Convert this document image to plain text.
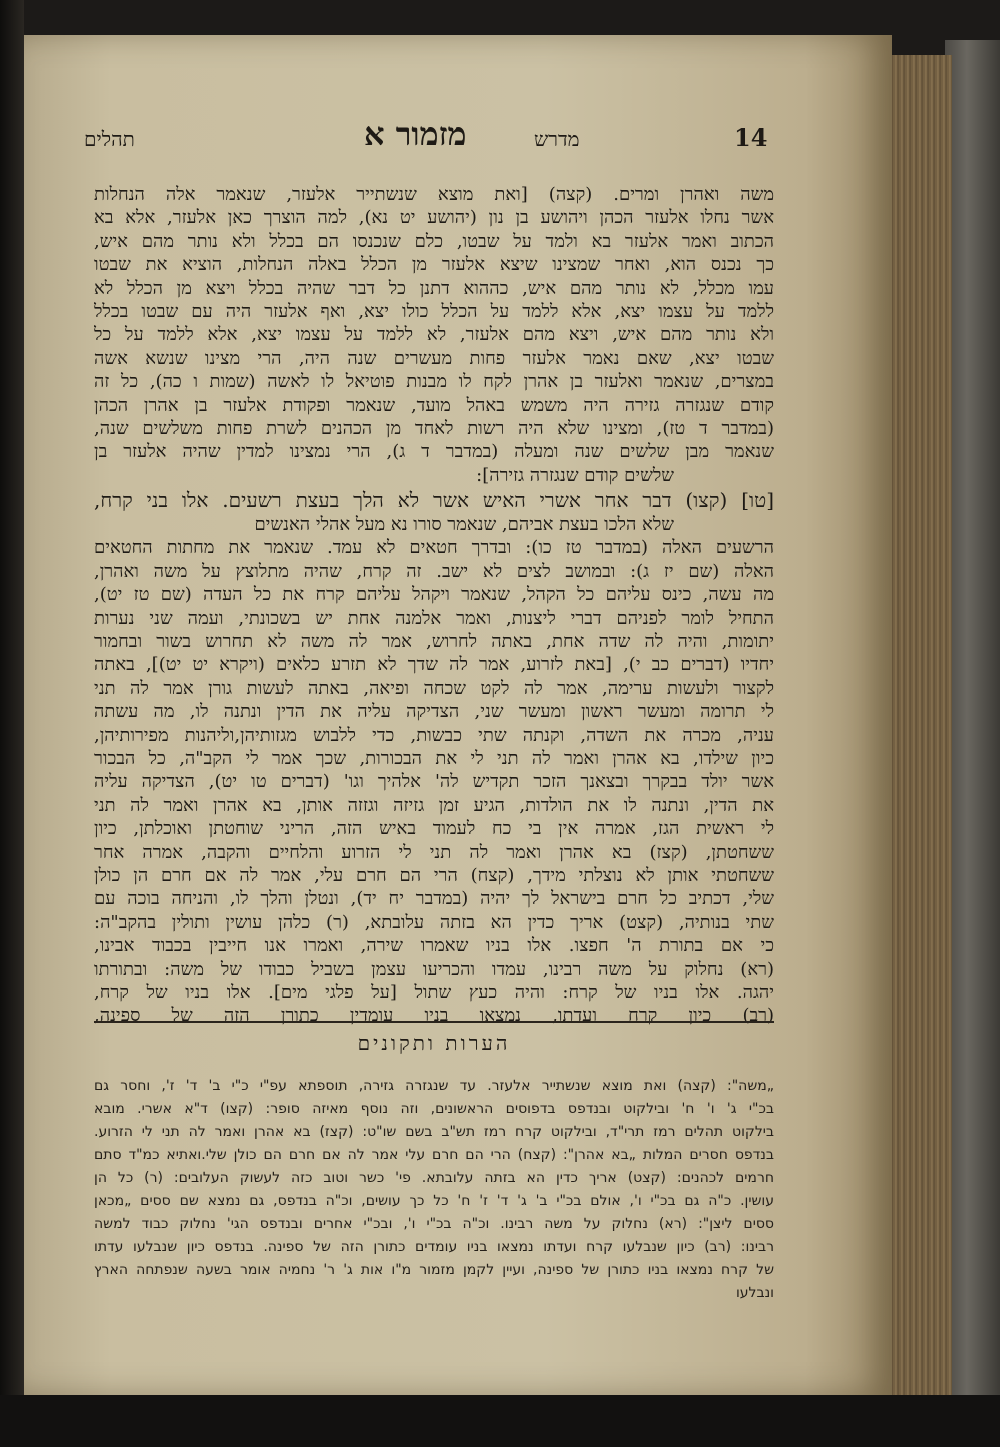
תהלים	מזמור א	מדרש	14
משה ואהרן ומרים. (קצה) [ואת מוצא שנשתייר אלעזר, שנאמר אלה הנחלות
אשר נחלו אלעזר הכהן ויהושע בן נון (יהושע יט נא), למה הוצרך כאן אלעזר, אלא בא
הכתוב ואמר אלעזר בא ולמד על שבטו, כלם שנכנסו הם בכלל ולא נותר מהם איש,
כך נכנס הוא, ואחר שמצינו שיצא אלעזר מן הכלל באלה הנחלות, הוציא את שבטו
עמו מכלל, לא נותר מהם איש, כההוא דתנן כל דבר שהיה בכלל ויצא מן הכלל לא
ללמד על עצמו יצא, אלא ללמד על הכלל כולו יצא, ואף אלעזר היה עם שבטו בכלל
ולא נותר מהם איש, ויצא מהם אלעזר, לא ללמד על עצמו יצא, אלא ללמד על כל
שבטו יצא, שאם נאמר אלעזר פחות מעשרים שנה היה, הרי מצינו שנשא אשה
במצרים, שנאמר ואלעזר בן אהרן לקח לו מבנות פוטיאל לו לאשה (שמות ו כה), כל זה
קודם שנגזרה גזירה היה משמש באהל מועד, שנאמר ופקודת אלעזר בן אהרן הכהן
(במדבר ד טז), ומצינו שלא היה רשות לאחד מן הכהנים לשרת פחות משלשים שנה,
שנאמר מבן שלשים שנה ומעלה (במדבר ד ג), הרי נמצינו למדין שהיה אלעזר בן
שלשים קודם שנגזרה גזירה]:
[טו] (קצו) דבר אחר אשרי האיש אשר לא הלך בעצת רשעים. אלו בני קרח,
שלא הלכו בעצת אביהם, שנאמר סורו נא מעל אהלי האנשים
הרשעים האלה (במדבר טז כו): ובדרך חטאים לא עמד. שנאמר את מחתות החטאים
האלה (שם יז ג): ובמושב לצים לא ישב. זה קרח, שהיה מתלוצץ על משה ואהרן,
מה עשה, כינס עליהם כל הקהל, שנאמר ויקהל עליהם קרח את כל העדה (שם טז יט),
התחיל לומר לפניהם דברי ליצנות, ואמר אלמנה אחת יש בשכונתי, ועמה שני נערות
יתומות, והיה לה שדה אחת, באתה לחרוש, אמר לה משה לא תחרוש בשור ובחמור
יחדיו (דברים כב י), [באת לזרוע, אמר לה שדך לא תזרע כלאים (ויקרא יט יט)], באתה
לקצור ולעשות ערימה, אמר לה לקט שכחה ופיאה, באתה לעשות גורן אמר לה תני
לי תרומה ומעשר ראשון ומעשר שני, הצדיקה עליה את הדין ונתנה לו, מה עשתה
עניה, מכרה את השדה, וקנתה שתי כבשות, כדי ללבוש מגזותיהן,וליהנות מפירותיהן,
כיון שילדו, בא אהרן ואמר לה תני לי את הבכורות, שכך אמר לי הקב"ה, כל הבכור
אשר יולד בבקרך ובצאנך הזכר תקדיש לה' אלהיך וגו' (דברים טו יט), הצדיקה עליה
את הדין, ונתנה לו את הולדות, הגיע זמן גזיזה וגזזה אותן, בא אהרן ואמר לה תני
לי ראשית הגז, אמרה אין בי כח לעמוד באיש הזה, הריני שוחטתן ואוכלתן, כיון
ששחטתן, (קצז) בא אהרן ואמר לה תני לי הזרוע והלחיים והקבה, אמרה אחר
ששחטתי אותן לא נוצלתי מידך, (קצח) הרי הם חרם עלי, אמר לה אם חרם הן כולן
שלי, דכתיב כל חרם בישראל לך יהיה (במדבר יח יד), ונטלן והלך לו, והניחה בוכה עם
שתי בנותיה, (קצט) אריך כדין הא בזתה עלובתא, (ר) כלהן עושין ותולין בהקב"ה:
כי אם בתורת ה' חפצו. אלו בניו שאמרו שירה, ואמרו אנו חייבין בכבוד אבינו,
(רא) נחלוק על משה רבינו, עמדו והכריעו עצמן בשביל כבודו של משה: ובתורתו
יהגה. אלו בניו של קרח: והיה כעץ שתול [על פלגי מים]. אלו בניו של קרח,
(רב) כיון קרח ועדתו, נמצאו בניו עומדין כתורן הזה של ספינה,
הערות ותקונים
„משה": (קצה) ואת מוצא שנשתייר אלעזר. עד שנגזרה גזירה, תוספתא עפ"י כ"י ב' ד' ז', וחסר גם
בכ"י ג' ו' ח' ובילקוט ובנדפס בדפוסים הראשונים, וזה נוסף מאיזה סופר: (קצו) ד"א אשרי. מובא
בילקוט תהלים רמז תרי"ד, ובילקוט קרח רמז תש"ב בשם שו"ט: (קצז) בא אהרן ואמר לה תני לי הזרוע.
בנדפס חסרים המלות „בא אהרן": (קצח) הרי הם חרם עלי אמר לה אם חרם הם כולן שלי.ואתיא כמ"ד סתם
חרמים לכהנים: (קצט) אריך כדין הא בזתה עלובתא. פי' כשר וטוב כזה לעשוק העלובים: (ר) כל הן
עושין. כ"ה גם בכ"י ו', אולם בכ"י ב' ג' ד' ז' ח' כל כך עושים, וכ"ה בנדפס, גם נמצא שם ססים „מכאן
ססים ליצן": (רא) נחלוק על משה רבינו. וכ"ה בכ"י ו', ובכ"י אחרים ובנדפס הגי' נחלוק כבוד למשה
רבינו: (רב) כיון שנבלעו קרח ועדתו נמצאו בניו עומדים כתורן הזה של ספינה. בנדפס כיון שנבלעו עדתו
של קרח נמצאו בניו כתורן של ספינה, ועיין לקמן מזמור מ"ו אות ג' ר' נחמיה אומר בשעה שנפתחה הארץ
ונבלעו
